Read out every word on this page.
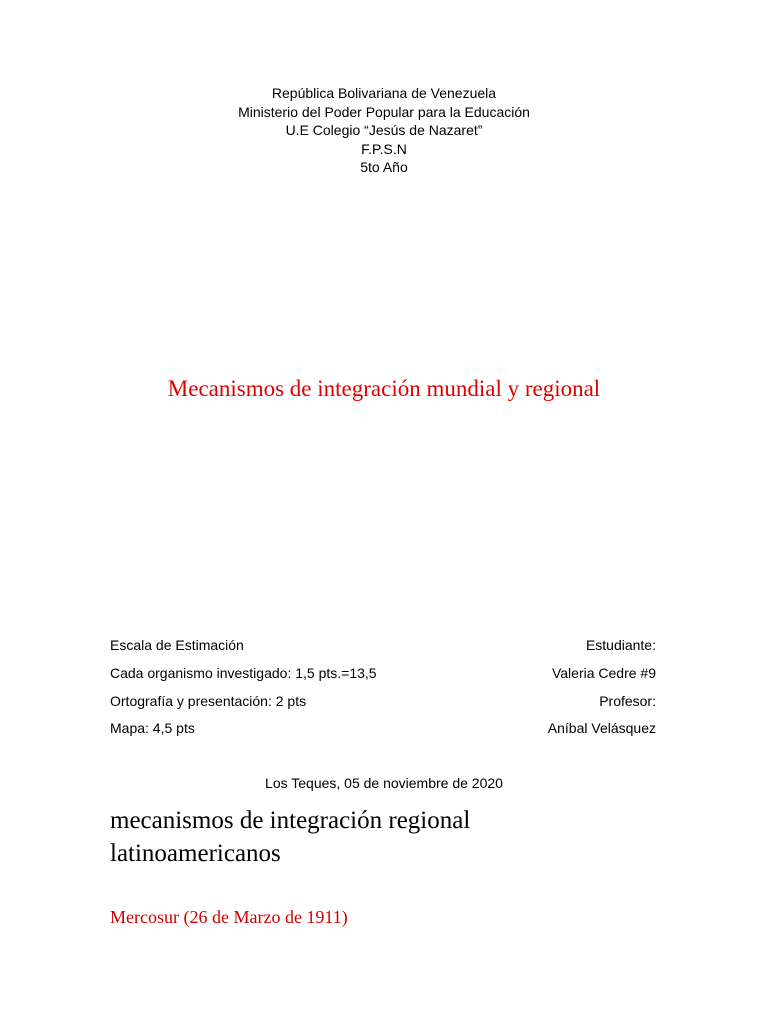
República Bolivariana de Venezuela
Ministerio del Poder Popular para la Educación
U.E Colegio “Jesús de Nazaret”
F.P.S.N
5to Año
Mecanismos de integración mundial y regional
Escala de Estimación	Estudiante:
Cada organismo investigado: 1,5 pts.=13,5	Valeria Cedre #9
Ortografía y presentación: 2 pts	Profesor:
Mapa: 4,5 pts	Aníbal Velásquez
Los Teques, 05 de noviembre de 2020
mecanismos de integración regional
latinoamericanos
Mercosur (26 de Marzo de 1911)
